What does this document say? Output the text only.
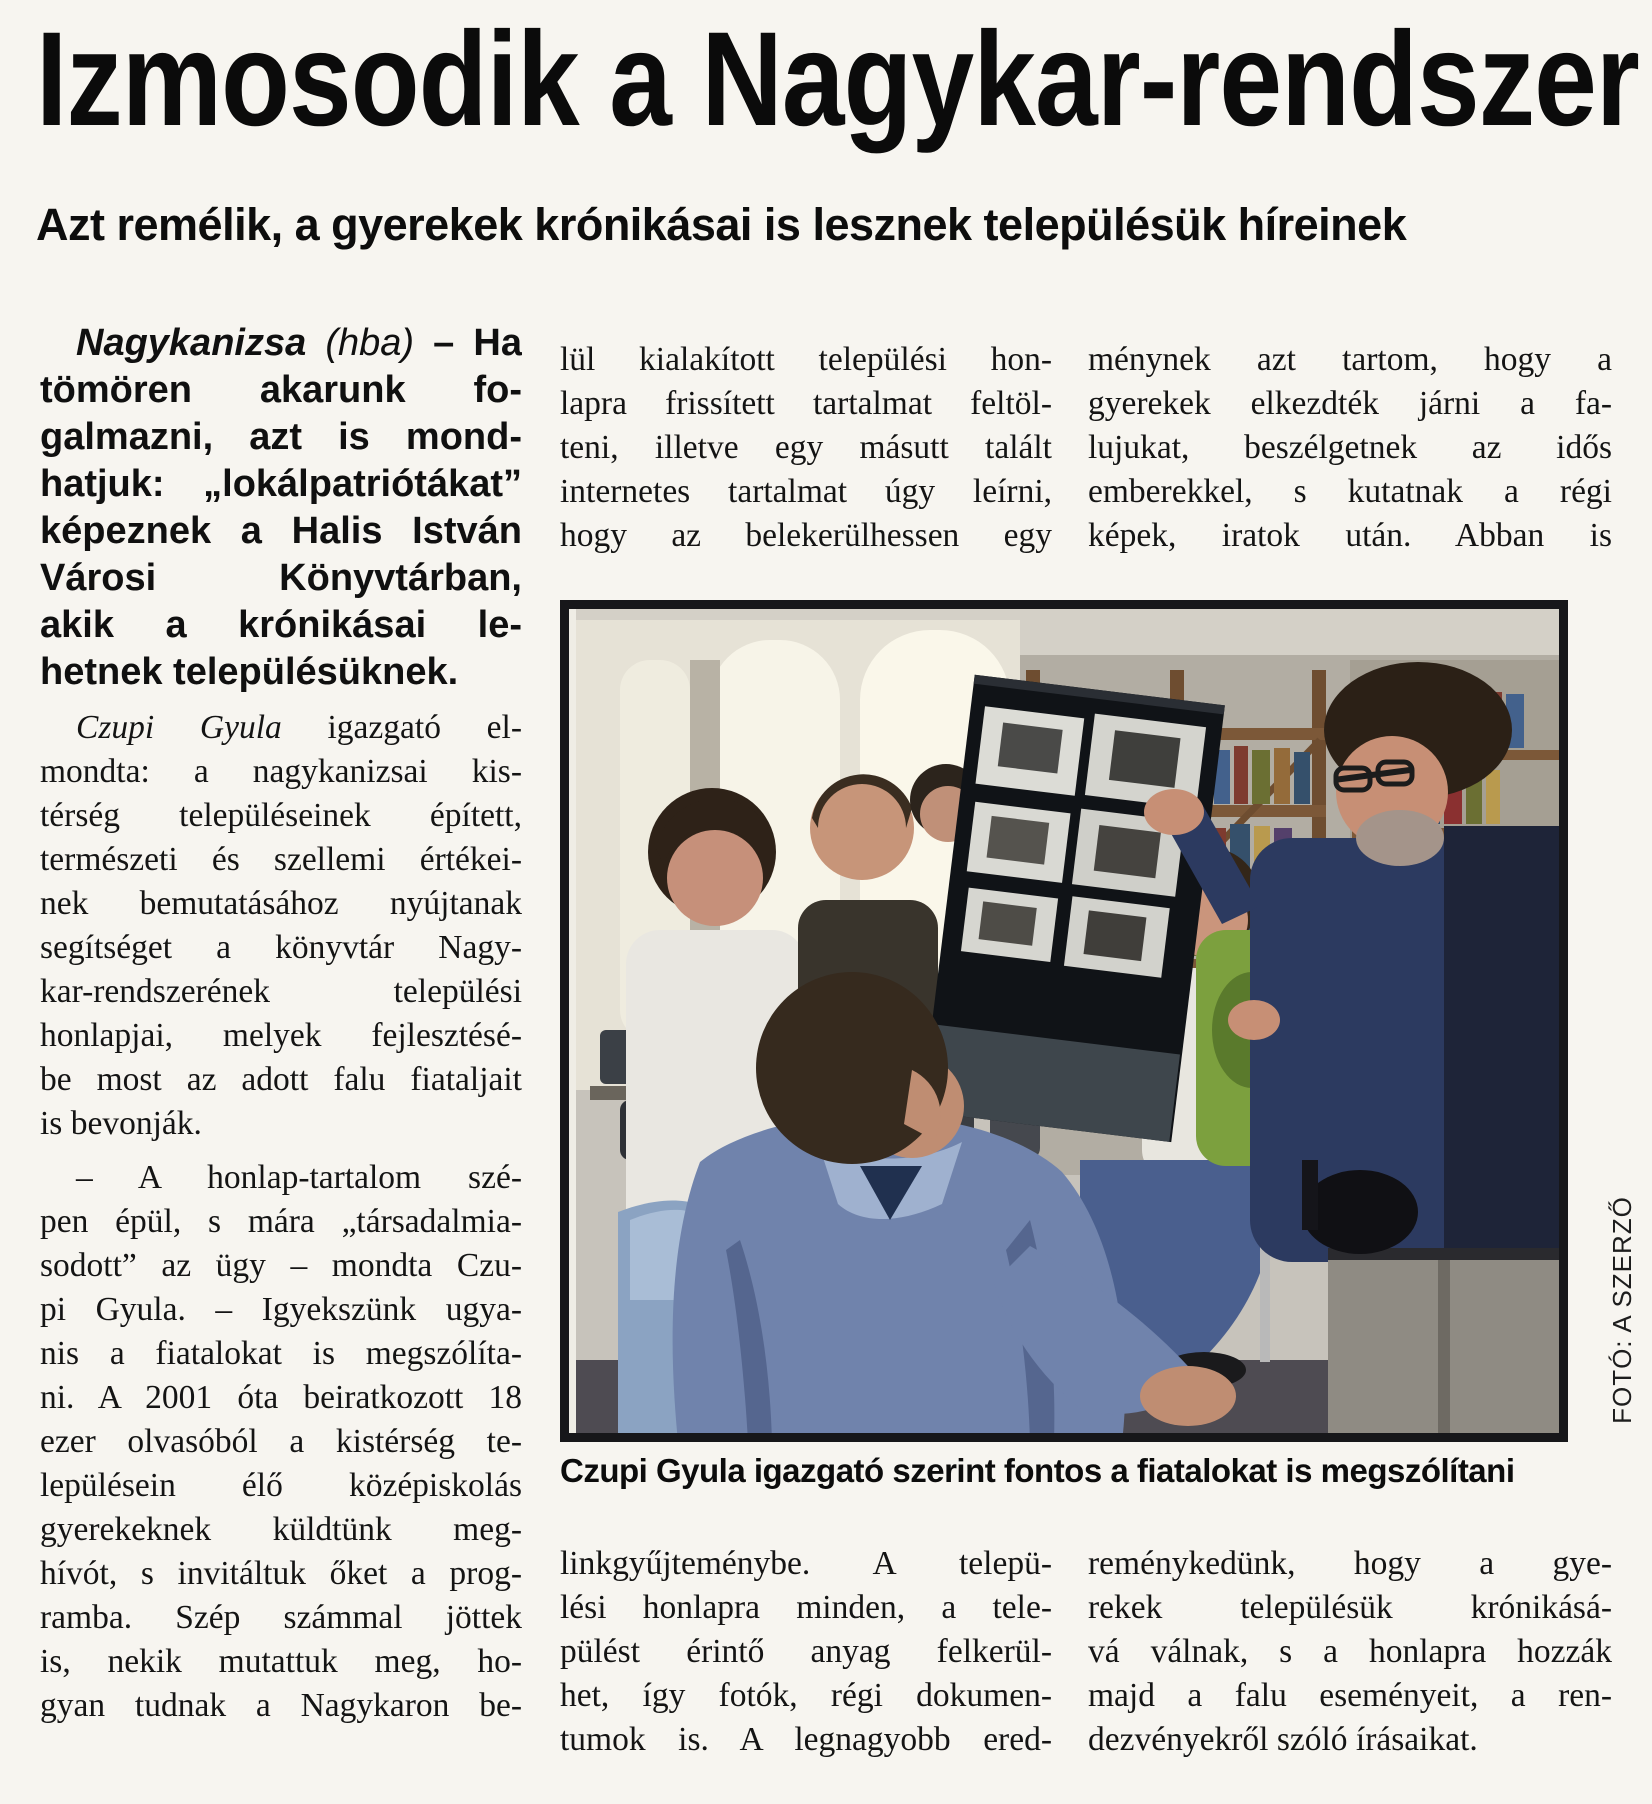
Izmosodik a Nagykar-rendszer
Azt remélik, a gyerekek krónikásai is lesznek településük híreinek
Nagykanizsa (hba) – Ha
tömören akarunk fo-
galmazni, azt is mond-
hatjuk: „lokálpatriótákat”
képeznek a Halis István
Városi Könyvtárban,
akik a krónikásai le-
hetnek településüknek.
Czupi Gyula igazgató el-
mondta: a nagykanizsai kis-
térség településeinek épített,
természeti és szellemi értékei-
nek bemutatásához nyújtanak
segítséget a könyvtár Nagy-
kar-rendszerének települési
honlapjai, melyek fejlesztésé-
be most az adott falu fiataljait
is bevonják.
– A honlap-tartalom szé-
pen épül, s mára „társadalmia-
sodott” az ügy – mondta Czu-
pi Gyula. – Igyekszünk ugya-
nis a fiatalokat is megszólíta-
ni. A 2001 óta beiratkozott 18
ezer olvasóból a kistérség te-
lepülésein élő középiskolás
gyerekeknek küldtünk meg-
hívót, s invitáltuk őket a prog-
ramba. Szép számmal jöttek
is, nekik mutattuk meg, ho-
gyan tudnak a Nagykaron be-
lül kialakított települési hon-
lapra frissített tartalmat feltöl-
teni, illetve egy másutt talált
internetes tartalmat úgy leírni,
hogy az belekerülhessen egy
ménynek azt tartom, hogy a
gyerekek elkezdték járni a fa-
lujukat, beszélgetnek az idős
emberekkel, s kutatnak a régi
képek, iratok után. Abban is
Czupi Gyula igazgató szerint fontos a fiatalokat is megszólítani
FOTÓ: A SZERZŐ
linkgyűjteménybe. A telepü-
lési honlapra minden, a tele-
pülést érintő anyag felkerül-
het, így fotók, régi dokumen-
tumok is. A legnagyobb ered-
reménykedünk, hogy a gye-
rekek településük krónikásá-
vá válnak, s a honlapra hozzák
majd a falu eseményeit, a ren-
dezvényekről szóló írásaikat.
